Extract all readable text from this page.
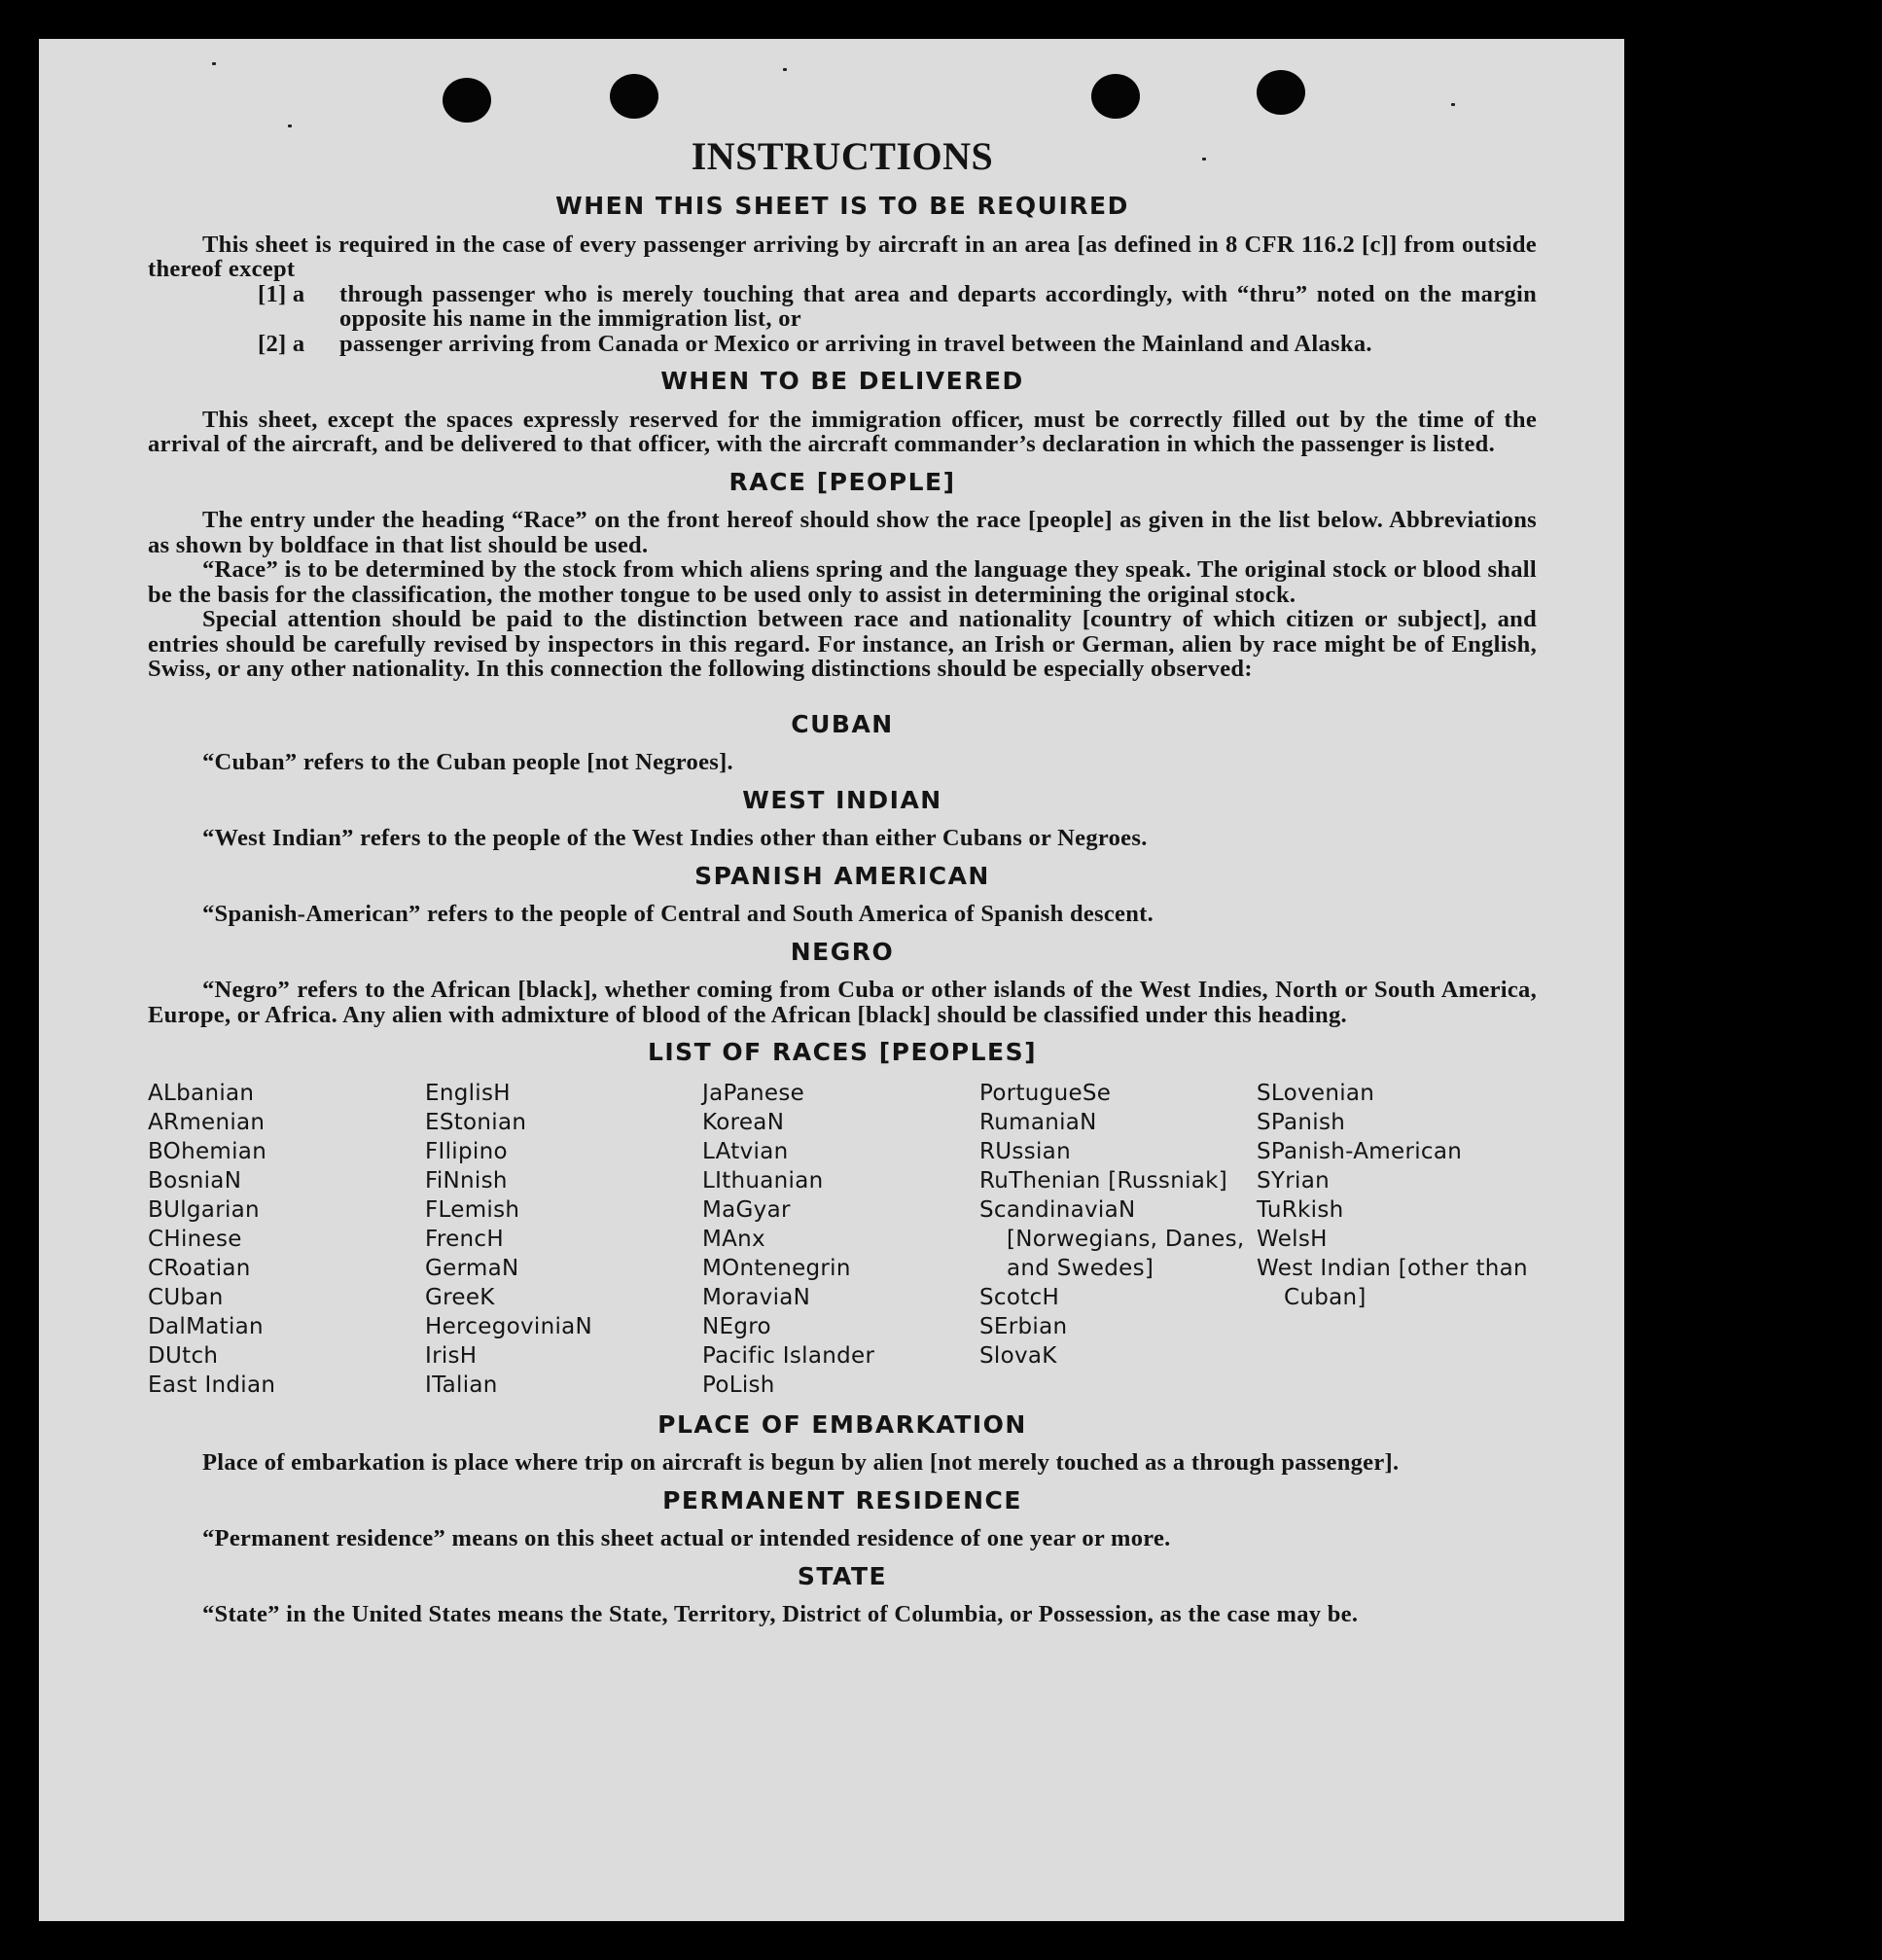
INSTRUCTIONS
WHEN THIS SHEET IS TO BE REQUIRED

This sheet is required in the case of every passenger arriving by aircraft in an area [as defined in 8 CFR 116.2 [c]] from outside thereof except

[1] a	through passenger who is merely touching that area and departs accordingly, with “thru” noted on the margin opposite his name in the immigration list, or
[2] a	passenger arriving from Canada or Mexico or arriving in travel between the Mainland and Alaska.
WHEN TO BE DELIVERED

This sheet, except the spaces expressly reserved for the immigration officer, must be correctly filled out by the time of the arrival of the aircraft, and be delivered to that officer, with the aircraft commander’s declaration in which the passenger is listed.

RACE [PEOPLE]

The entry under the heading “Race” on the front hereof should show the race [people] as given in the list below. Abbreviations as shown by boldface in that list should be used.

“Race” is to be determined by the stock from which aliens spring and the language they speak. The original stock or blood shall be the basis for the classification, the mother tongue to be used only to assist in determining the original stock.

Special attention should be paid to the distinction between race and nationality [country of which citizen or subject], and entries should be carefully revised by inspectors in this regard. For instance, an Irish or German, alien by race might be of English, Swiss, or any other nationality. In this connection the following distinctions should be especially observed:

CUBAN

“Cuban” refers to the Cuban people [not Negroes].

WEST INDIAN

“West Indian” refers to the people of the West Indies other than either Cubans or Negroes.

SPANISH AMERICAN

“Spanish-American” refers to the people of Central and South America of Spanish descent.

NEGRO

“Negro” refers to the African [black], whether coming from Cuba or other islands of the West Indies, North or South America, Europe, or Africa. Any alien with admixture of blood of the African [black] should be classified under this heading.

LIST OF RACES [PEOPLES]
ALbanian
ARmenian
BOhemian
BosniaN
BUlgarian
CHinese
CRoatian
CUban
DalMatian
DUtch
East Indian
EnglisH
EStonian
FIlipino
FiNnish
FLemish
FrencH
GermaN
GreeK
HercegoviniaN
IrisH
ITalian
JaPanese
KoreaN
LAtvian
LIthuanian
MaGyar
MAnx
MOntenegrin
MoraviaN
NEgro
Pacific Islander
PoLish
PortugueSe
RumaniaN
RUssian
RuThenian [Russniak]
ScandinaviaN [Norwegians, Danes, and Swedes]
ScotcH
SErbian
SlovaK
SLovenian
SPanish
SPanish-American
SYrian
TuRkish
WelsH
West Indian [other than Cuban]
PLACE OF EMBARKATION

Place of embarkation is place where trip on aircraft is begun by alien [not merely touched as a through passenger].

PERMANENT RESIDENCE

“Permanent residence” means on this sheet actual or intended residence of one year or more.

STATE

“State” in the United States means the State, Territory, District of Columbia, or Possession, as the case may be.
